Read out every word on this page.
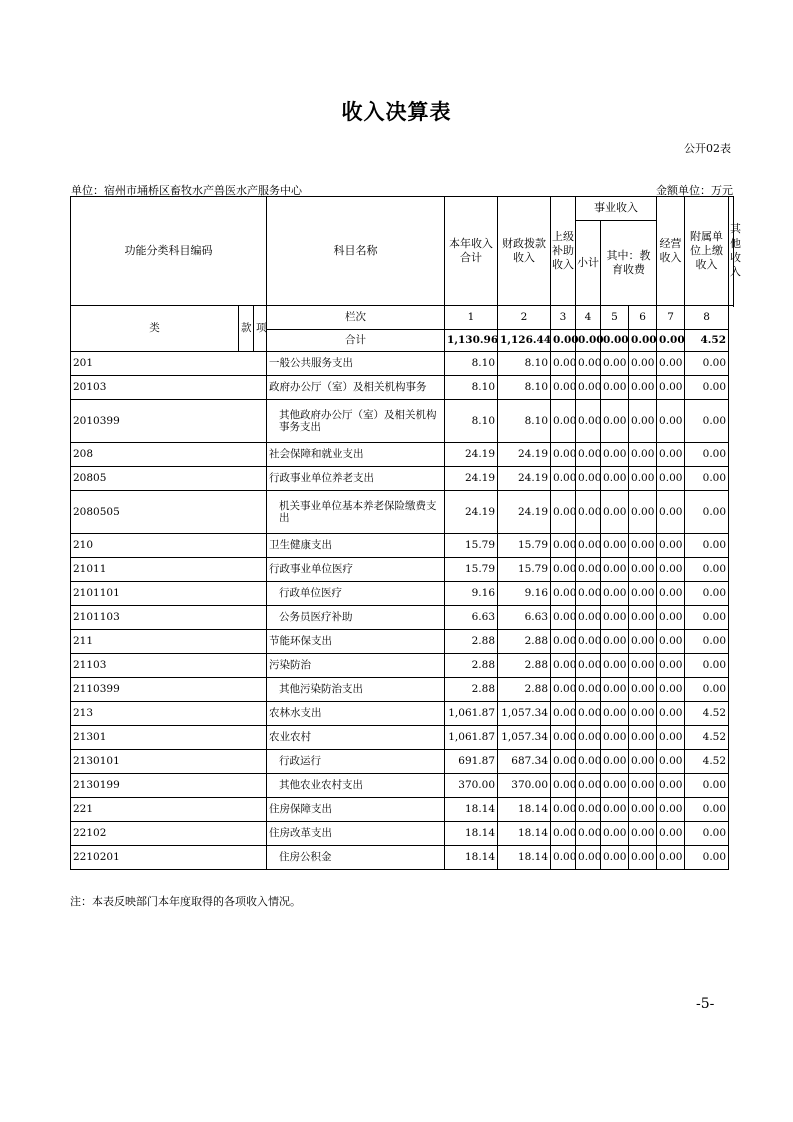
收入决算表
公开02表
单位：宿州市埇桥区畜牧水产兽医水产服务中心	金额单位：万元
功能分类科目编码			科目名称	本年收入合计	财政拨款收入	上级补助收入	事业收入			经营收入	附属单位上缴收入	其他收入
							小计	其中：教育收费				

类	款	项	栏次	1	2	3	4	5	6	7	8	
			合计	1,130.96	1,126.44	0.00	0.00	0.00	0.00	0.00	4.52	
201			一般公共服务支出	8.10	8.10	0.00	0.00	0.00	0.00	0.00	0.00	
20103			政府办公厅（室）及相关机构事务	8.10	8.10	0.00	0.00	0.00	0.00	0.00	0.00	
2010399			其他政府办公厅（室）及相关机构事务支出	8.10	8.10	0.00	0.00	0.00	0.00	0.00	0.00	
208			社会保障和就业支出	24.19	24.19	0.00	0.00	0.00	0.00	0.00	0.00	
20805			行政事业单位养老支出	24.19	24.19	0.00	0.00	0.00	0.00	0.00	0.00	
2080505			机关事业单位基本养老保险缴费支出	24.19	24.19	0.00	0.00	0.00	0.00	0.00	0.00	
210			卫生健康支出	15.79	15.79	0.00	0.00	0.00	0.00	0.00	0.00	
21011			行政事业单位医疗	15.79	15.79	0.00	0.00	0.00	0.00	0.00	0.00	
2101101			行政单位医疗	9.16	9.16	0.00	0.00	0.00	0.00	0.00	0.00	
2101103			公务员医疗补助	6.63	6.63	0.00	0.00	0.00	0.00	0.00	0.00	
211			节能环保支出	2.88	2.88	0.00	0.00	0.00	0.00	0.00	0.00	
21103			污染防治	2.88	2.88	0.00	0.00	0.00	0.00	0.00	0.00	
2110399			其他污染防治支出	2.88	2.88	0.00	0.00	0.00	0.00	0.00	0.00	
213			农林水支出	1,061.87	1,057.34	0.00	0.00	0.00	0.00	0.00	4.52	
21301			农业农村	1,061.87	1,057.34	0.00	0.00	0.00	0.00	0.00	4.52	
2130101			行政运行	691.87	687.34	0.00	0.00	0.00	0.00	0.00	4.52	
2130199			其他农业农村支出	370.00	370.00	0.00	0.00	0.00	0.00	0.00	0.00	
221			住房保障支出	18.14	18.14	0.00	0.00	0.00	0.00	0.00	0.00	
22102			住房改革支出	18.14	18.14	0.00	0.00	0.00	0.00	0.00	0.00	
2210201			住房公积金	18.14	18.14	0.00	0.00	0.00	0.00	0.00	0.00	
注：本表反映部门本年度取得的各项收入情况。
-5-
